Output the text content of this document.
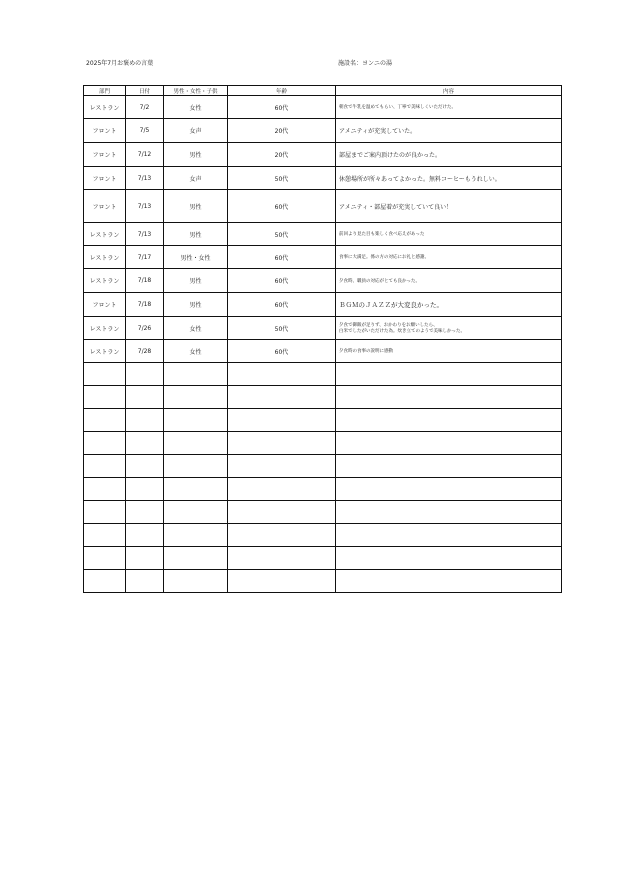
2025年7月お褒めの言葉	施設名：ヨンニの湯
部門	日付	男性・女性・子供	年齢	内容
レストラン	7/2	女性	60代	朝食で牛乳を温めてもらい、丁寧で美味しくいただけた。
フロント	7/5	女声	20代	アメニティが充実していた。
フロント	7/12	男性	20代	部屋までご案内頂けたのが良かった。
フロント	7/13	女声	50代	休憩場所が所々あってよかった。無料コーヒーもうれしい。
フロント	7/13	男性	60代	アメニティ・部屋着が充実していて良い！
レストラン	7/13	男性	50代	前回より見た目も楽しく食べ応えがあった
レストラン	7/17	男性・女性	60代	食事に大満足。係の方の対応にお礼と感謝。
レストラン	7/18	男性	60代	夕食時、職員の対応がとても良かった。
フロント	7/18	男性	60代	ＢＧＭのＪＡＺＺが大変良かった。
レストラン	7/26	女性	50代	夕食で御飯が足りず、おかわりをお願いしたら、
白米でしたがいただけた為。炊き立てのようで美味しかった。

レストラン	7/28	女性	60代	夕食時の食事の説明に感動
